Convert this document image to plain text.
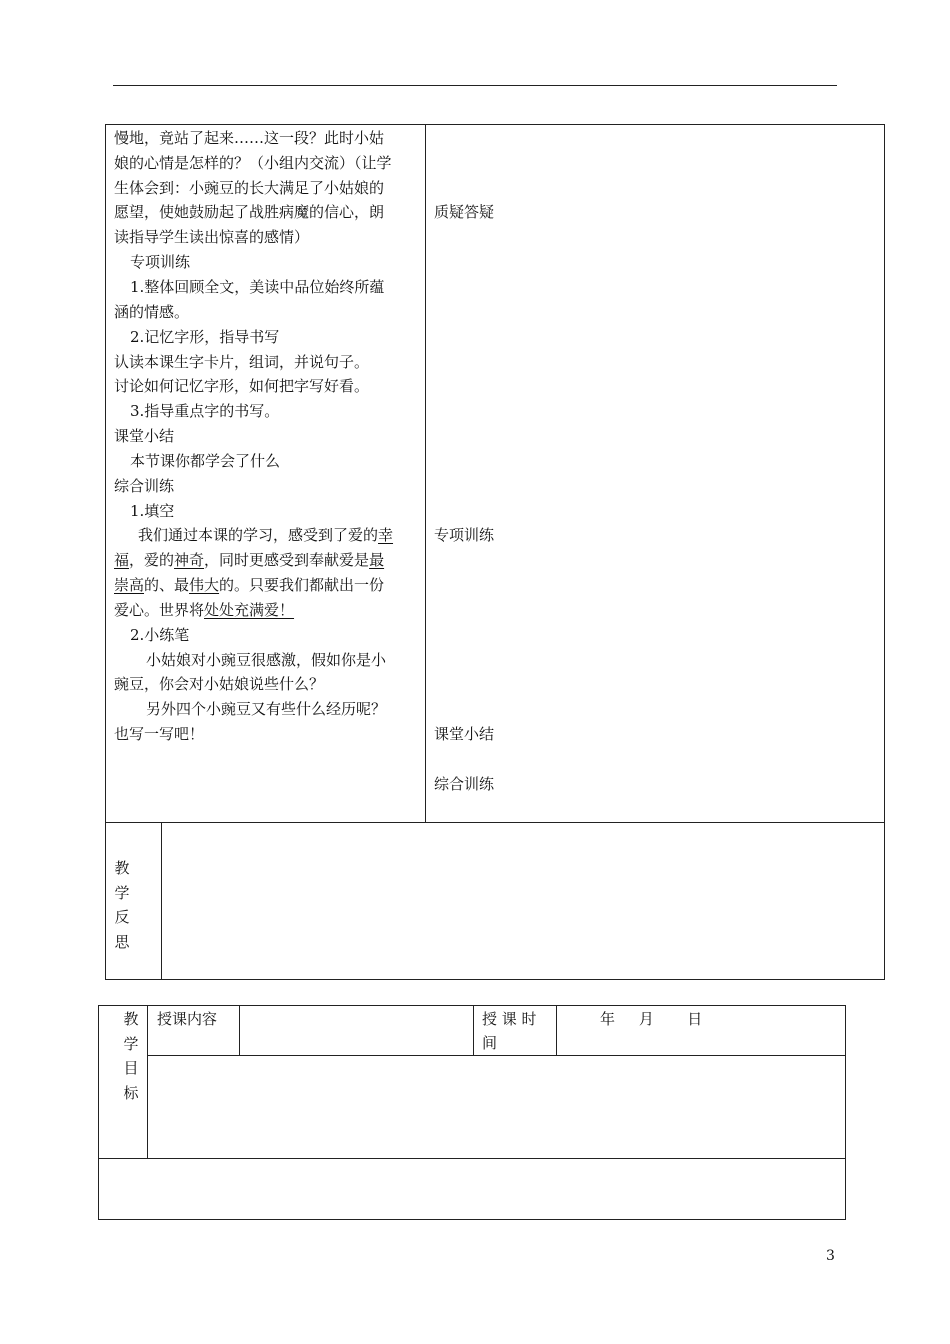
慢地，竟站了起来……这一段？此时小姑
娘的心情是怎样的？（小组内交流）（让学
生体会到：小豌豆的长大满足了小姑娘的
愿望，使她鼓励起了战胜病魔的信心，朗
读指导学生读出惊喜的感情）
专项训练
1.整体回顾全文，美读中品位始终所蕴
涵的情感。
2.记忆字形，指导书写
认读本课生字卡片，组词，并说句子。
讨论如何记忆字形，如何把字写好看。
3.指导重点字的书写。
课堂小结
本节课你都学会了什么
综合训练
1.填空
我们通过本课的学习，感受到了爱的幸
福，爱的神奇，同时更感受到奉献爱是最
崇高的、最伟大的。只要我们都献出一份
爱心。世界将处处充满爱！
2.小练笔
小姑娘对小豌豆很感激，假如你是小
豌豆，你会对小姑娘说些什么？
另外四个小豌豆又有些什么经历呢？
也写一写吧！
质疑答疑
专项训练
课堂小结
综合训练
教
学
反
思
教
学
目
标
授课内容	授 课 时
间
年     月       日
3
